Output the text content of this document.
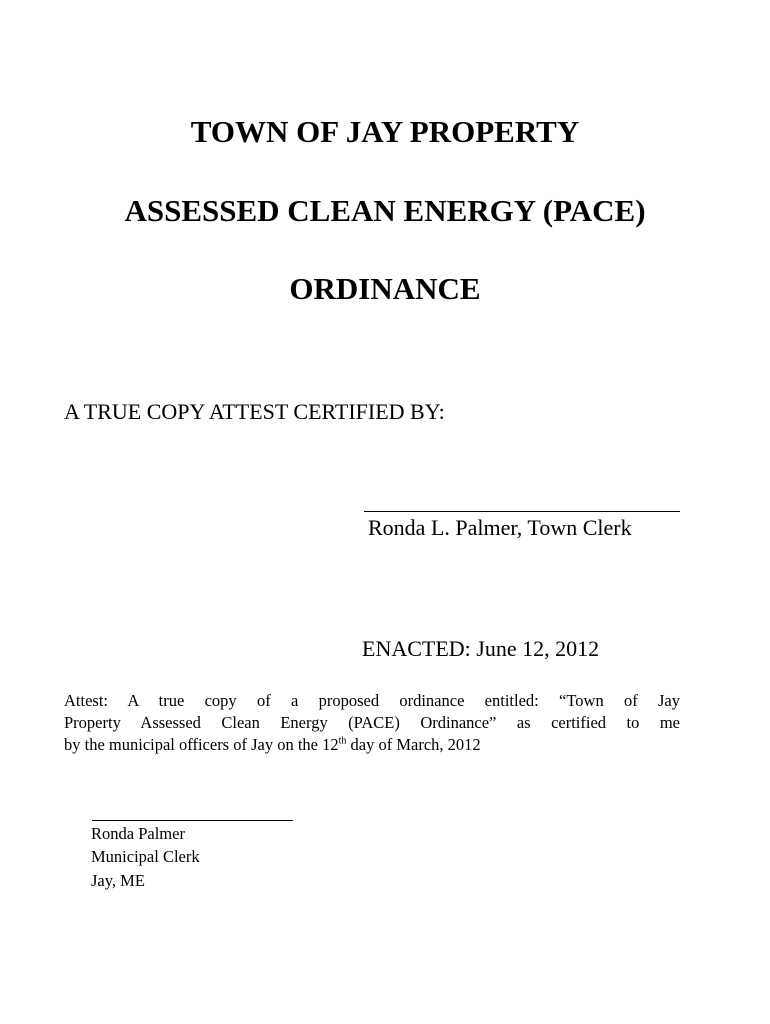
TOWN OF JAY PROPERTY
ASSESSED CLEAN ENERGY (PACE)
ORDINANCE
A TRUE COPY ATTEST CERTIFIED BY:
Ronda L. Palmer, Town Clerk
ENACTED: June 12, 2012
Attest: A true copy of a proposed ordinance entitled: “Town of Jay
Property Assessed Clean Energy (PACE) Ordinance” as certified to me
by the municipal officers of Jay on the 12th day of March, 2012
Ronda Palmer
Municipal Clerk
Jay, ME
